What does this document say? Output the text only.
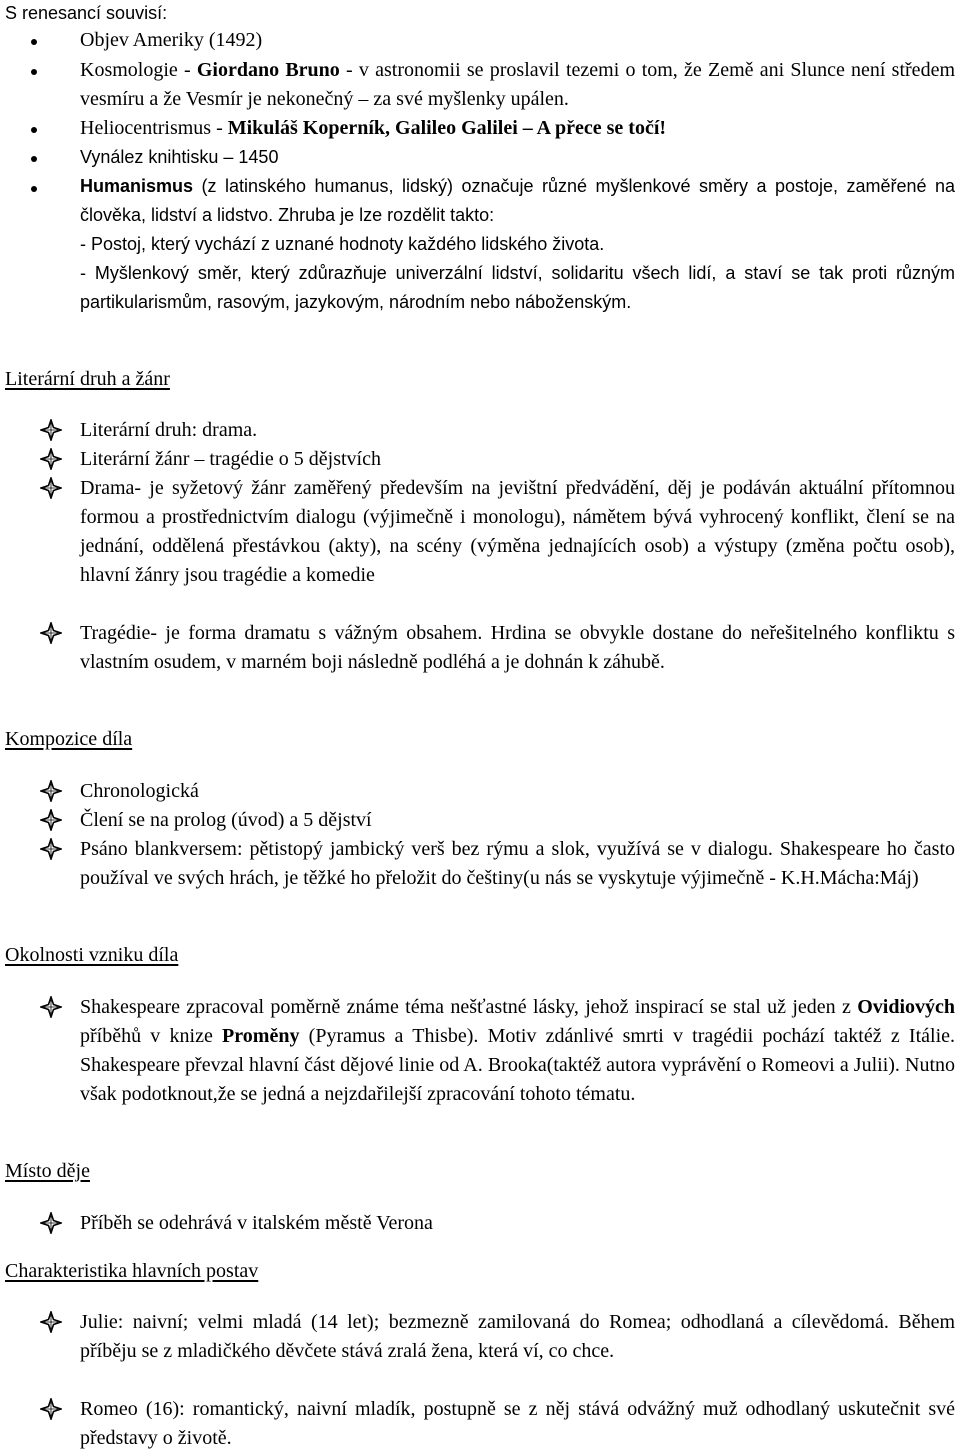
S renesancí souvisí:
Objev Ameriky (1492)
Kosmologie - Giordano Bruno - v astronomii se proslavil tezemi o tom, že Země ani Slunce není středem vesmíru a že Vesmír je nekonečný – za své myšlenky upálen.
Heliocentrismus - Mikuláš Koperník, Galileo Galilei – A přece se točí!
Vynález knihtisku – 1450
Humanismus (z latinského humanus, lidský) označuje různé myšlenkové směry a postoje, zaměřené na člověka, lidství a lidstvo. Zhruba je lze rozdělit takto:
- Postoj, který vychází z uznané hodnoty každého lidského života.
- Myšlenkový směr, který zdůrazňuje univerzální lidství, solidaritu všech lidí, a staví se tak proti různým partikularismům, rasovým, jazykovým, národním nebo náboženským.
Literární druh a žánr
Literární druh: drama.
Literární žánr – tragédie o 5 dějstvích
Drama- je syžetový žánr zaměřený především na jevištní předvádění, děj je podáván aktuální přítomnou formou a prostřednictvím dialogu (výjimečně i monologu), námětem bývá vyhrocený konflikt, člení se na jednání, oddělená přestávkou (akty), na scény (výměna jednajících osob) a výstupy (změna počtu osob), hlavní žánry jsou tragédie a komedie
Tragédie- je forma dramatu s vážným obsahem. Hrdina se obvykle dostane do neřešitelného konfliktu s vlastním osudem, v marném boji následně podléhá a je dohnán k záhubě.
Kompozice díla
Chronologická
Člení se na prolog (úvod) a 5 dějství
Psáno blankversem: pětistopý jambický verš bez rýmu a slok, využívá se v dialogu. Shakespeare ho často používal ve svých hrách, je těžké ho přeložit do češtiny(u nás se vyskytuje výjimečně - K.H.Mácha:Máj)
Okolnosti vzniku díla
Shakespeare zpracoval poměrně známe téma nešťastné lásky, jehož inspirací se stal už jeden z Ovidiových příběhů v knize Proměny (Pyramus a Thisbe). Motiv zdánlivé smrti v tragédii pochází taktéž z Itálie. Shakespeare převzal hlavní část dějové linie od A. Brooka(taktéž autora vyprávění o Romeovi a Julii). Nutno však podotknout,že se jedná a nejzdařilejší zpracování tohoto tématu.
Místo děje
Příběh se odehrává v italském městě Verona
Charakteristika hlavních postav
Julie: naivní; velmi mladá (14 let); bezmezně zamilovaná do Romea; odhodlaná a cílevědomá. Během příběju se z mladičkého děvčete stává zralá žena, která ví, co chce.
Romeo (16): romantický, naivní mladík, postupně se z něj stává odvážný muž odhodlaný uskutečnit své představy o životě.
